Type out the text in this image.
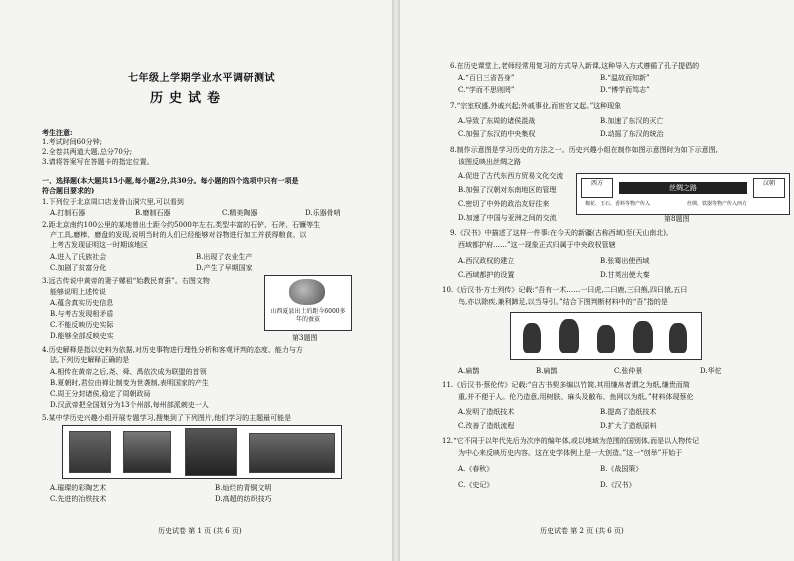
七年级上学期学业水平调研测试
历史试卷
考生注意:
1.考试时间60分钟;
2.全卷共两道大题,总分70分;
3.请将答案写在答题卡的指定位置。
一、选择题(本大题共15小题,每小题2分,共30分。每小题的四个选项中只有一项是
符合题目要求的)
1.下列位于北京周口店龙骨山洞穴里,可以看到
A.打制石器	B.磨制石器	C.精美陶器	D.乐器骨哨
2.距北京南约100公里的某地曾出土距今约5000年左右,类型丰富的石铲、石斧、石镰等生
产工具,磨棒、磨盘的发现,说明当时的人们已经能够对谷物进行加工并获得粮食。以
上考古发现证明这一时期该地区
A.进入了氏族社会	B.出现了农业生产
C.加剧了贫富分化	D.产生了早期国家
3.远古传说中黄帝的妻子嫘祖“始教民育蚕”。右图文物
能够说明上述传说
A.蕴含真实历史信息
B.与考古发现相矛盾
C.不能反映历史实际
D.能够全部反映史实
山西夏县出土的距今6000多年的蚕茧
第3题图
4.历史解释是指以史料为依据,对历史事物进行理性分析和客观评判的态度、能力与方
法,下列历史解释正确的是
A.相传在黄帝之后,尧、舜、禹依次成为联盟的首领
B.夏朝时,君位由禅让制变为世袭制,表明国家的产生
C.周王分封诸侯,稳定了周朝政局
D.汉武帝把全国划分为13个州部,每州部派刺史一人
5.某中学历史兴趣小组开展专题学习,搜集到了下列图片,他们学习的主题最可能是
A.璀璨的彩陶艺术	B.灿烂的青铜文明
C.先进的冶铁技术	D.高超的纺织技巧
历史试卷 第 1 页 (共 6 页)
6.在历史课堂上,老师经常用复习的方式导入新课,这种导入方式遵循了孔子提倡的
A.“百日三省吾身”	B.“温故而知新”
C.“学而不思则罔”	D.“博学而笃志”
7.“宗室权盛,外戚兴起;外戚事业,而宦官又起。”这种现象
A.导致了东周的诸侯混战	B.加速了东汉的灭亡
C.加强了东汉的中央集权	D.动摇了东汉的统治
8.制作示意图是学习历史的方法之一。历史兴趣小组在制作如图示意图时为如下示意图,
该图反映出丝绸之路
A.促进了古代东西方贸易文化交流
B.加强了汉朝对东南地区的管理
C.密切了中外的政治友好往来
D.加速了中国与亚洲之间的交流
西方
丝绸之路
汉朝
棉花、玉石、香料等物产传入	丝绸、铁器等物产传入西方
第8题图
9.《汉书》中描述了这样一件事:在今天的新疆(古称西域)至(天山南北),
西域都护府……”这一现象正式归属于中央政权管辖
A.西汉政权的建立	B.张骞出使西域
C.西域都护的设置	D.甘英出使大秦
10.《后汉书·方士列传》记载:“吾有一术……一曰虎,二曰鹿,三曰熊,四曰猿,五曰
鸟,亦以除疾,兼利蹄足,以当导引。”结合下图判断材料中的“吾”指的是
A.扁鹊	B.扁鹊	C.张仲景	D.华佗
11.《后汉书·蔡伦传》记载:“自古书契多编以竹简,其用缣帛者谓之为纸,缣贵而简
重,并不便于人。伦乃造意,用树肤、麻头及敝布、鱼网以为纸。”材料体现蔡伦
A.发明了造纸技术	B.提高了造纸技术
C.改善了造纸流程	D.扩大了造纸原料
12.“它不同于以年代先后为次序的编年体,或以地域为范围的国别体,而是以人物传记
为中心来反映历史内容。这在史学体例上是一大创造。”这一“创举”开始于
A.《春秋》	B.《战国策》
C.《史记》	D.《汉书》
历史试卷 第 2 页 (共 6 页)
